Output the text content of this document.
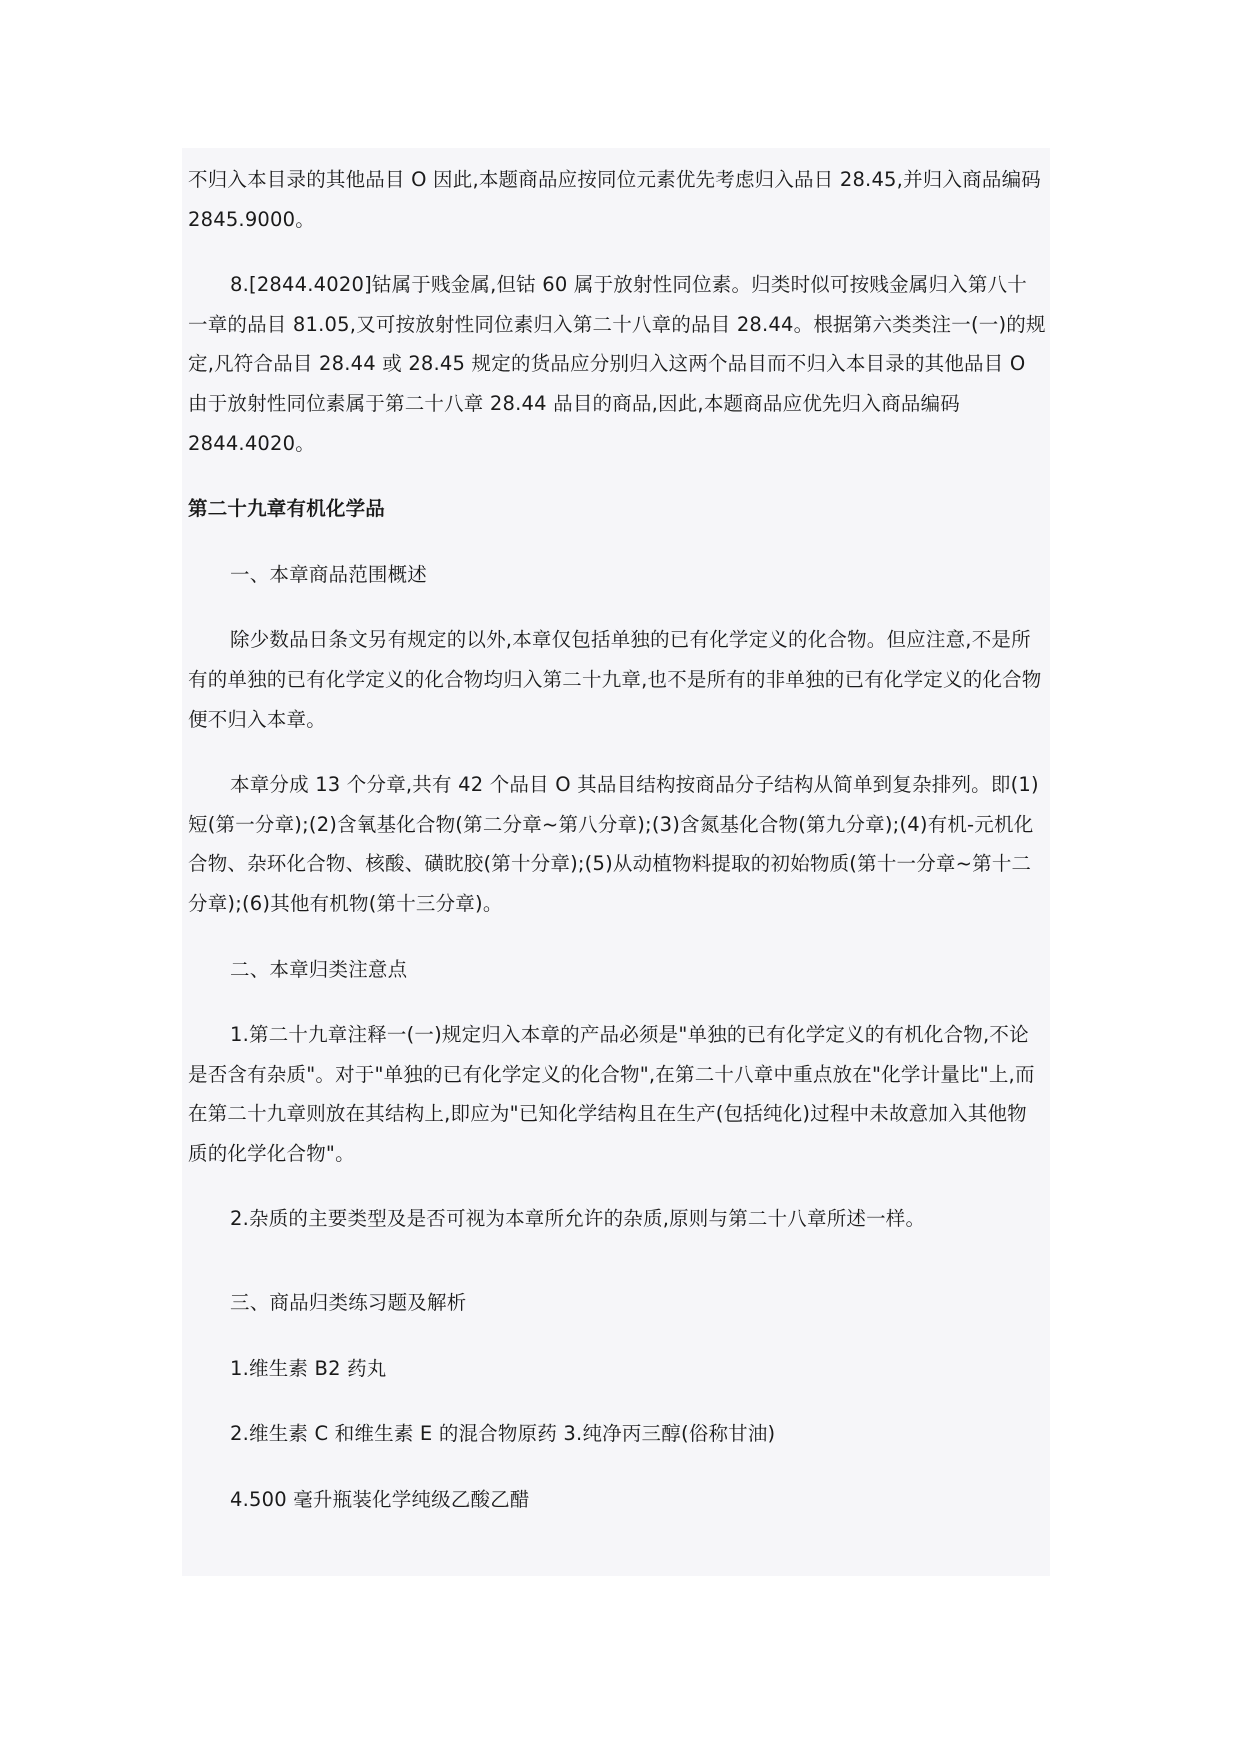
不归入本目录的其他品目 O 因此,本题商品应按同位元素优先考虑归入品日 28.45,并归入商品编码 2845.9000。

8.[2844.4020]钴属于贱金属,但钴 60 属于放射性同位素。归类时似可按贱金属归入第八十一章的品目 81.05,又可按放射性同位素归入第二十八章的品目 28.44。根据第六类类注一(一)的规定,凡符合品目 28.44 或 28.45 规定的货品应分别归入这两个品目而不归入本目录的其他品目 O 由于放射性同位素属于第二十八章 28.44 品目的商品,因此,本题商品应优先归入商品编码 2844.4020。

第二十九章有机化学品

一、本章商品范围概述

除少数品日条文另有规定的以外,本章仅包括单独的已有化学定义的化合物。但应注意,不是所有的单独的已有化学定义的化合物均归入第二十九章,也不是所有的非单独的已有化学定义的化合物便不归入本章。

本章分成 13 个分章,共有 42 个品目 O 其品目结构按商品分子结构从简单到复杂排列。即(1)短(第一分章);(2)含氧基化合物(第二分章~第八分章);(3)含氮基化合物(第九分章);(4)有机-元机化合物、杂环化合物、核酸、磺眈胶(第十分章);(5)从动植物料提取的初始物质(第十一分章~第十二分章);(6)其他有机物(第十三分章)。

二、本章归类注意点

1.第二十九章注释一(一)规定归入本章的产品必须是"单独的已有化学定义的有机化合物,不论是否含有杂质"。对于"单独的已有化学定义的化合物",在第二十八章中重点放在"化学计量比"上,而在第二十九章则放在其结构上,即应为"已知化学结构且在生产(包括纯化)过程中未故意加入其他物质的化学化合物"。

2.杂质的主要类型及是否可视为本章所允许的杂质,原则与第二十八章所述一样。

三、商品归类练习题及解析

1.维生素 B2 药丸

2.维生素 C 和维生素 E 的混合物原药 3.纯净丙三醇(俗称甘油)

4.500 毫升瓶装化学纯级乙酸乙醋
